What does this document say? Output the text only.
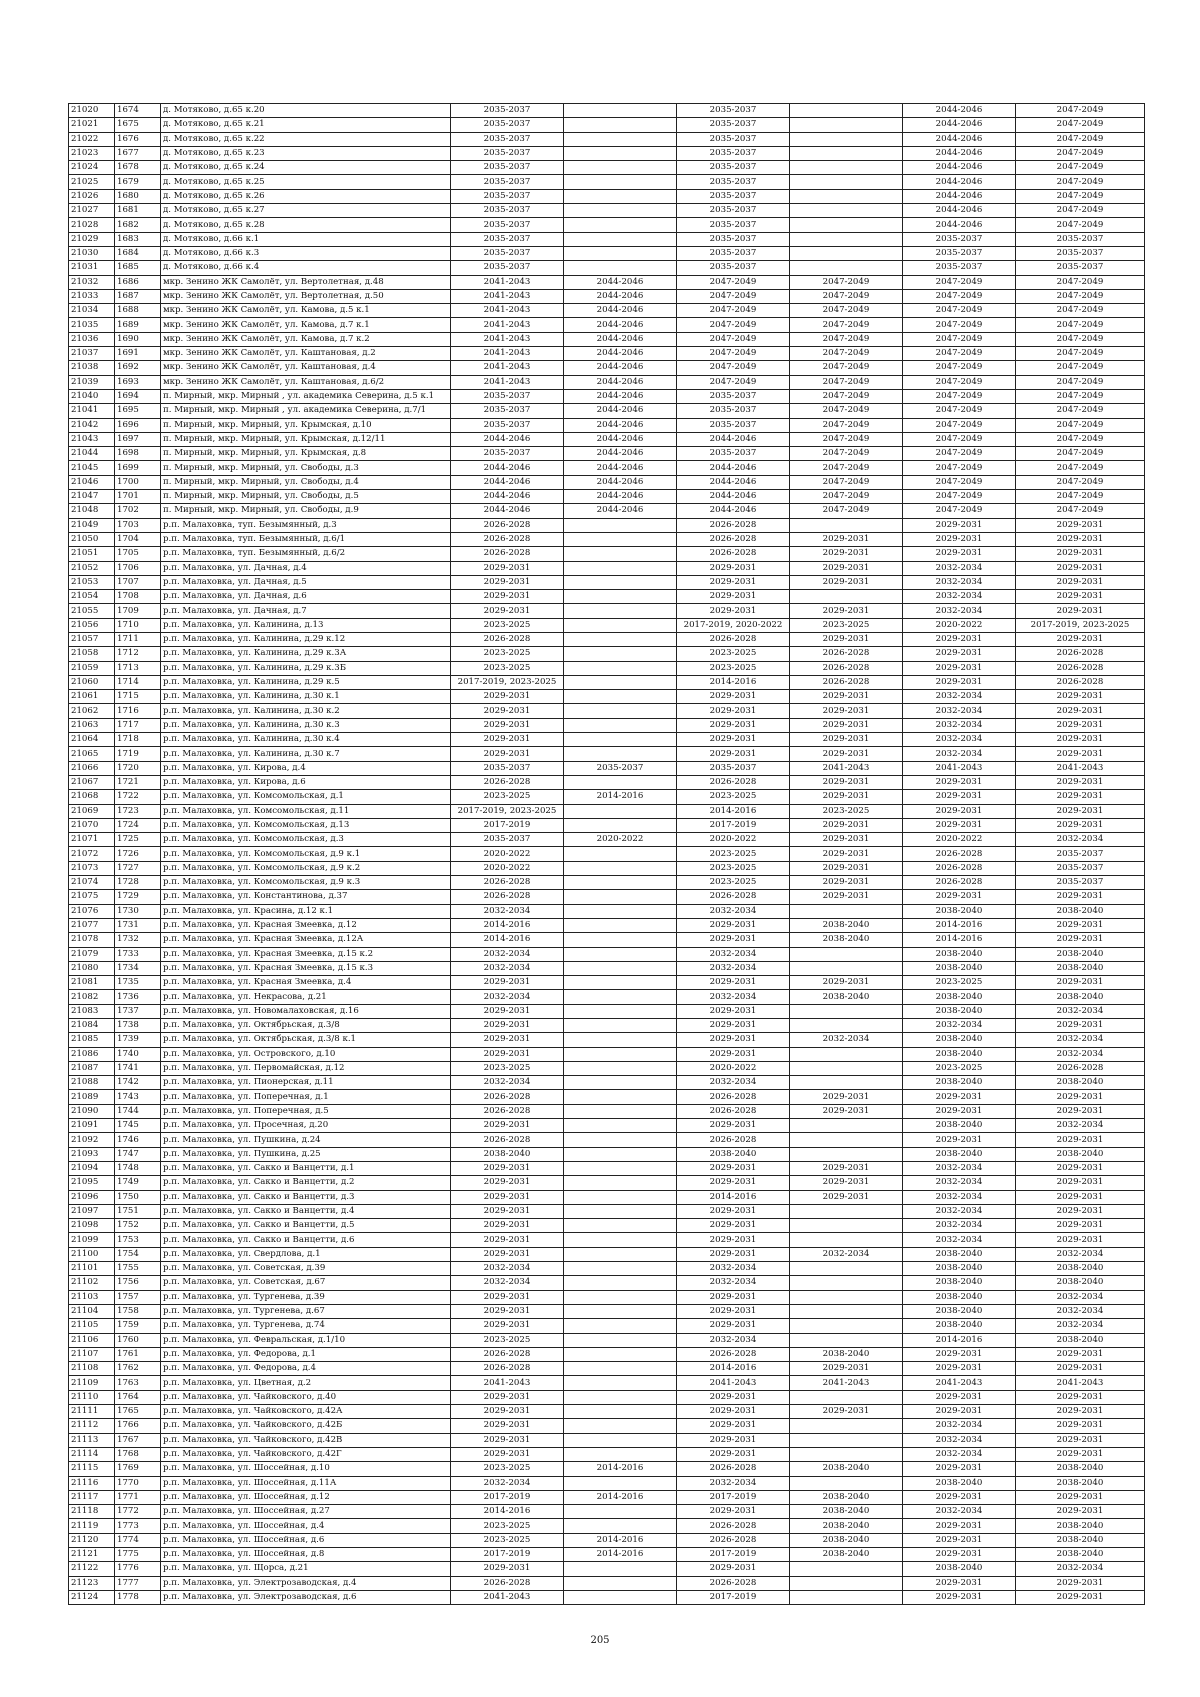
21020	1674	д. Мотяково, д.65 к.20	2035-2037		2035-2037		2044-2046	2047-2049
21021	1675	д. Мотяково, д.65 к.21	2035-2037		2035-2037		2044-2046	2047-2049
21022	1676	д. Мотяково, д.65 к.22	2035-2037		2035-2037		2044-2046	2047-2049
21023	1677	д. Мотяково, д.65 к.23	2035-2037		2035-2037		2044-2046	2047-2049
21024	1678	д. Мотяково, д.65 к.24	2035-2037		2035-2037		2044-2046	2047-2049
21025	1679	д. Мотяково, д.65 к.25	2035-2037		2035-2037		2044-2046	2047-2049
21026	1680	д. Мотяково, д.65 к.26	2035-2037		2035-2037		2044-2046	2047-2049
21027	1681	д. Мотяково, д.65 к.27	2035-2037		2035-2037		2044-2046	2047-2049
21028	1682	д. Мотяково, д.65 к.28	2035-2037		2035-2037		2044-2046	2047-2049
21029	1683	д. Мотяково, д.66 к.1	2035-2037		2035-2037		2035-2037	2035-2037
21030	1684	д. Мотяково, д.66 к.3	2035-2037		2035-2037		2035-2037	2035-2037
21031	1685	д. Мотяково, д.66 к.4	2035-2037		2035-2037		2035-2037	2035-2037
21032	1686	мкр. Зенино ЖК Самолёт, ул. Вертолетная, д.48	2041-2043	2044-2046	2047-2049	2047-2049	2047-2049	2047-2049
21033	1687	мкр. Зенино ЖК Самолёт, ул. Вертолетная, д.50	2041-2043	2044-2046	2047-2049	2047-2049	2047-2049	2047-2049
21034	1688	мкр. Зенино ЖК Самолёт, ул. Камова, д.5 к.1	2041-2043	2044-2046	2047-2049	2047-2049	2047-2049	2047-2049
21035	1689	мкр. Зенино ЖК Самолёт, ул. Камова, д.7 к.1	2041-2043	2044-2046	2047-2049	2047-2049	2047-2049	2047-2049
21036	1690	мкр. Зенино ЖК Самолёт, ул. Камова, д.7 к.2	2041-2043	2044-2046	2047-2049	2047-2049	2047-2049	2047-2049
21037	1691	мкр. Зенино ЖК Самолёт, ул. Каштановая, д.2	2041-2043	2044-2046	2047-2049	2047-2049	2047-2049	2047-2049
21038	1692	мкр. Зенино ЖК Самолёт, ул. Каштановая, д.4	2041-2043	2044-2046	2047-2049	2047-2049	2047-2049	2047-2049
21039	1693	мкр. Зенино ЖК Самолёт, ул. Каштановая, д.6/2	2041-2043	2044-2046	2047-2049	2047-2049	2047-2049	2047-2049
21040	1694	п. Мирный, мкр. Мирный , ул. академика Северина, д.5 к.1	2035-2037	2044-2046	2035-2037	2047-2049	2047-2049	2047-2049
21041	1695	п. Мирный, мкр. Мирный , ул. академика Северина, д.7/1	2035-2037	2044-2046	2035-2037	2047-2049	2047-2049	2047-2049
21042	1696	п. Мирный, мкр. Мирный, ул. Крымская, д.10	2035-2037	2044-2046	2035-2037	2047-2049	2047-2049	2047-2049
21043	1697	п. Мирный, мкр. Мирный, ул. Крымская, д.12/11	2044-2046	2044-2046	2044-2046	2047-2049	2047-2049	2047-2049
21044	1698	п. Мирный, мкр. Мирный, ул. Крымская, д.8	2035-2037	2044-2046	2035-2037	2047-2049	2047-2049	2047-2049
21045	1699	п. Мирный, мкр. Мирный, ул. Свободы, д.3	2044-2046	2044-2046	2044-2046	2047-2049	2047-2049	2047-2049
21046	1700	п. Мирный, мкр. Мирный, ул. Свободы, д.4	2044-2046	2044-2046	2044-2046	2047-2049	2047-2049	2047-2049
21047	1701	п. Мирный, мкр. Мирный, ул. Свободы, д.5	2044-2046	2044-2046	2044-2046	2047-2049	2047-2049	2047-2049
21048	1702	п. Мирный, мкр. Мирный, ул. Свободы, д.9	2044-2046	2044-2046	2044-2046	2047-2049	2047-2049	2047-2049
21049	1703	р.п. Малаховка, туп. Безымянный, д.3	2026-2028		2026-2028		2029-2031	2029-2031
21050	1704	р.п. Малаховка, туп. Безымянный, д.6/1	2026-2028		2026-2028	2029-2031	2029-2031	2029-2031
21051	1705	р.п. Малаховка, туп. Безымянный, д.6/2	2026-2028		2026-2028	2029-2031	2029-2031	2029-2031
21052	1706	р.п. Малаховка, ул. Дачная, д.4	2029-2031		2029-2031	2029-2031	2032-2034	2029-2031
21053	1707	р.п. Малаховка, ул. Дачная, д.5	2029-2031		2029-2031	2029-2031	2032-2034	2029-2031
21054	1708	р.п. Малаховка, ул. Дачная, д.6	2029-2031		2029-2031		2032-2034	2029-2031
21055	1709	р.п. Малаховка, ул. Дачная, д.7	2029-2031		2029-2031	2029-2031	2032-2034	2029-2031
21056	1710	р.п. Малаховка, ул. Калинина, д.13	2023-2025		2017-2019, 2020-2022	2023-2025	2020-2022	2017-2019, 2023-2025
21057	1711	р.п. Малаховка, ул. Калинина, д.29 к.12	2026-2028		2026-2028	2029-2031	2029-2031	2029-2031
21058	1712	р.п. Малаховка, ул. Калинина, д.29 к.3А	2023-2025		2023-2025	2026-2028	2029-2031	2026-2028
21059	1713	р.п. Малаховка, ул. Калинина, д.29 к.3Б	2023-2025		2023-2025	2026-2028	2029-2031	2026-2028
21060	1714	р.п. Малаховка, ул. Калинина, д.29 к.5	2017-2019, 2023-2025		2014-2016	2026-2028	2029-2031	2026-2028
21061	1715	р.п. Малаховка, ул. Калинина, д.30 к.1	2029-2031		2029-2031	2029-2031	2032-2034	2029-2031
21062	1716	р.п. Малаховка, ул. Калинина, д.30 к.2	2029-2031		2029-2031	2029-2031	2032-2034	2029-2031
21063	1717	р.п. Малаховка, ул. Калинина, д.30 к.3	2029-2031		2029-2031	2029-2031	2032-2034	2029-2031
21064	1718	р.п. Малаховка, ул. Калинина, д.30 к.4	2029-2031		2029-2031	2029-2031	2032-2034	2029-2031
21065	1719	р.п. Малаховка, ул. Калинина, д.30 к.7	2029-2031		2029-2031	2029-2031	2032-2034	2029-2031
21066	1720	р.п. Малаховка, ул. Кирова, д.4	2035-2037	2035-2037	2035-2037	2041-2043	2041-2043	2041-2043
21067	1721	р.п. Малаховка, ул. Кирова, д.6	2026-2028		2026-2028	2029-2031	2029-2031	2029-2031
21068	1722	р.п. Малаховка, ул. Комсомольская, д.1	2023-2025	2014-2016	2023-2025	2029-2031	2029-2031	2029-2031
21069	1723	р.п. Малаховка, ул. Комсомольская, д.11	2017-2019, 2023-2025		2014-2016	2023-2025	2029-2031	2029-2031
21070	1724	р.п. Малаховка, ул. Комсомольская, д.13	2017-2019		2017-2019	2029-2031	2029-2031	2029-2031
21071	1725	р.п. Малаховка, ул. Комсомольская, д.3	2035-2037	2020-2022	2020-2022	2029-2031	2020-2022	2032-2034
21072	1726	р.п. Малаховка, ул. Комсомольская, д.9 к.1	2020-2022		2023-2025	2029-2031	2026-2028	2035-2037
21073	1727	р.п. Малаховка, ул. Комсомольская, д.9 к.2	2020-2022		2023-2025	2029-2031	2026-2028	2035-2037
21074	1728	р.п. Малаховка, ул. Комсомольская, д.9 к.3	2026-2028		2023-2025	2029-2031	2026-2028	2035-2037
21075	1729	р.п. Малаховка, ул. Константинова, д.37	2026-2028		2026-2028	2029-2031	2029-2031	2029-2031
21076	1730	р.п. Малаховка, ул. Красина, д.12 к.1	2032-2034		2032-2034		2038-2040	2038-2040
21077	1731	р.п. Малаховка, ул. Красная Змеевка, д.12	2014-2016		2029-2031	2038-2040	2014-2016	2029-2031
21078	1732	р.п. Малаховка, ул. Красная Змеевка, д.12А	2014-2016		2029-2031	2038-2040	2014-2016	2029-2031
21079	1733	р.п. Малаховка, ул. Красная Змеевка, д.15 к.2	2032-2034		2032-2034		2038-2040	2038-2040
21080	1734	р.п. Малаховка, ул. Красная Змеевка, д.15 к.3	2032-2034		2032-2034		2038-2040	2038-2040
21081	1735	р.п. Малаховка, ул. Красная Змеевка, д.4	2029-2031		2029-2031	2029-2031	2023-2025	2029-2031
21082	1736	р.п. Малаховка, ул. Некрасова, д.21	2032-2034		2032-2034	2038-2040	2038-2040	2038-2040
21083	1737	р.п. Малаховка, ул. Новомалаховская, д.16	2029-2031		2029-2031		2038-2040	2032-2034
21084	1738	р.п. Малаховка, ул. Октябрьская, д.3/8	2029-2031		2029-2031		2032-2034	2029-2031
21085	1739	р.п. Малаховка, ул. Октябрьская, д.3/8 к.1	2029-2031		2029-2031	2032-2034	2038-2040	2032-2034
21086	1740	р.п. Малаховка, ул. Островского, д.10	2029-2031		2029-2031		2038-2040	2032-2034
21087	1741	р.п. Малаховка, ул. Первомайская, д.12	2023-2025		2020-2022		2023-2025	2026-2028
21088	1742	р.п. Малаховка, ул. Пионерская, д.11	2032-2034		2032-2034		2038-2040	2038-2040
21089	1743	р.п. Малаховка, ул. Поперечная, д.1	2026-2028		2026-2028	2029-2031	2029-2031	2029-2031
21090	1744	р.п. Малаховка, ул. Поперечная, д.5	2026-2028		2026-2028	2029-2031	2029-2031	2029-2031
21091	1745	р.п. Малаховка, ул. Просечная, д.20	2029-2031		2029-2031		2038-2040	2032-2034
21092	1746	р.п. Малаховка, ул. Пушкина, д.24	2026-2028		2026-2028		2029-2031	2029-2031
21093	1747	р.п. Малаховка, ул. Пушкина, д.25	2038-2040		2038-2040		2038-2040	2038-2040
21094	1748	р.п. Малаховка, ул. Сакко и Ванцетти, д.1	2029-2031		2029-2031	2029-2031	2032-2034	2029-2031
21095	1749	р.п. Малаховка, ул. Сакко и Ванцетти, д.2	2029-2031		2029-2031	2029-2031	2032-2034	2029-2031
21096	1750	р.п. Малаховка, ул. Сакко и Ванцетти, д.3	2029-2031		2014-2016	2029-2031	2032-2034	2029-2031
21097	1751	р.п. Малаховка, ул. Сакко и Ванцетти, д.4	2029-2031		2029-2031		2032-2034	2029-2031
21098	1752	р.п. Малаховка, ул. Сакко и Ванцетти, д.5	2029-2031		2029-2031		2032-2034	2029-2031
21099	1753	р.п. Малаховка, ул. Сакко и Ванцетти, д.6	2029-2031		2029-2031		2032-2034	2029-2031
21100	1754	р.п. Малаховка, ул. Свердлова, д.1	2029-2031		2029-2031	2032-2034	2038-2040	2032-2034
21101	1755	р.п. Малаховка, ул. Советская, д.39	2032-2034		2032-2034		2038-2040	2038-2040
21102	1756	р.п. Малаховка, ул. Советская, д.67	2032-2034		2032-2034		2038-2040	2038-2040
21103	1757	р.п. Малаховка, ул. Тургенева, д.39	2029-2031		2029-2031		2038-2040	2032-2034
21104	1758	р.п. Малаховка, ул. Тургенева, д.67	2029-2031		2029-2031		2038-2040	2032-2034
21105	1759	р.п. Малаховка, ул. Тургенева, д.74	2029-2031		2029-2031		2038-2040	2032-2034
21106	1760	р.п. Малаховка, ул. Февральская, д.1/10	2023-2025		2032-2034		2014-2016	2038-2040
21107	1761	р.п. Малаховка, ул. Федорова, д.1	2026-2028		2026-2028	2038-2040	2029-2031	2029-2031
21108	1762	р.п. Малаховка, ул. Федорова, д.4	2026-2028		2014-2016	2029-2031	2029-2031	2029-2031
21109	1763	р.п. Малаховка, ул. Цветная, д.2	2041-2043		2041-2043	2041-2043	2041-2043	2041-2043
21110	1764	р.п. Малаховка, ул. Чайковского, д.40	2029-2031		2029-2031		2029-2031	2029-2031
21111	1765	р.п. Малаховка, ул. Чайковского, д.42А	2029-2031		2029-2031	2029-2031	2029-2031	2029-2031
21112	1766	р.п. Малаховка, ул. Чайковского, д.42Б	2029-2031		2029-2031		2032-2034	2029-2031
21113	1767	р.п. Малаховка, ул. Чайковского, д.42В	2029-2031		2029-2031		2032-2034	2029-2031
21114	1768	р.п. Малаховка, ул. Чайковского, д.42Г	2029-2031		2029-2031		2032-2034	2029-2031
21115	1769	р.п. Малаховка, ул. Шоссейная, д.10	2023-2025	2014-2016	2026-2028	2038-2040	2029-2031	2038-2040
21116	1770	р.п. Малаховка, ул. Шоссейная, д.11А	2032-2034		2032-2034		2038-2040	2038-2040
21117	1771	р.п. Малаховка, ул. Шоссейная, д.12	2017-2019	2014-2016	2017-2019	2038-2040	2029-2031	2029-2031
21118	1772	р.п. Малаховка, ул. Шоссейная, д.27	2014-2016		2029-2031	2038-2040	2032-2034	2029-2031
21119	1773	р.п. Малаховка, ул. Шоссейная, д.4	2023-2025		2026-2028	2038-2040	2029-2031	2038-2040
21120	1774	р.п. Малаховка, ул. Шоссейная, д.6	2023-2025	2014-2016	2026-2028	2038-2040	2029-2031	2038-2040
21121	1775	р.п. Малаховка, ул. Шоссейная, д.8	2017-2019	2014-2016	2017-2019	2038-2040	2029-2031	2038-2040
21122	1776	р.п. Малаховка, ул. Щорса, д.21	2029-2031		2029-2031		2038-2040	2032-2034
21123	1777	р.п. Малаховка, ул. Электрозаводская, д.4	2026-2028		2026-2028		2029-2031	2029-2031
21124	1778	р.п. Малаховка, ул. Электрозаводская, д.6	2041-2043		2017-2019		2029-2031	2029-2031
205
